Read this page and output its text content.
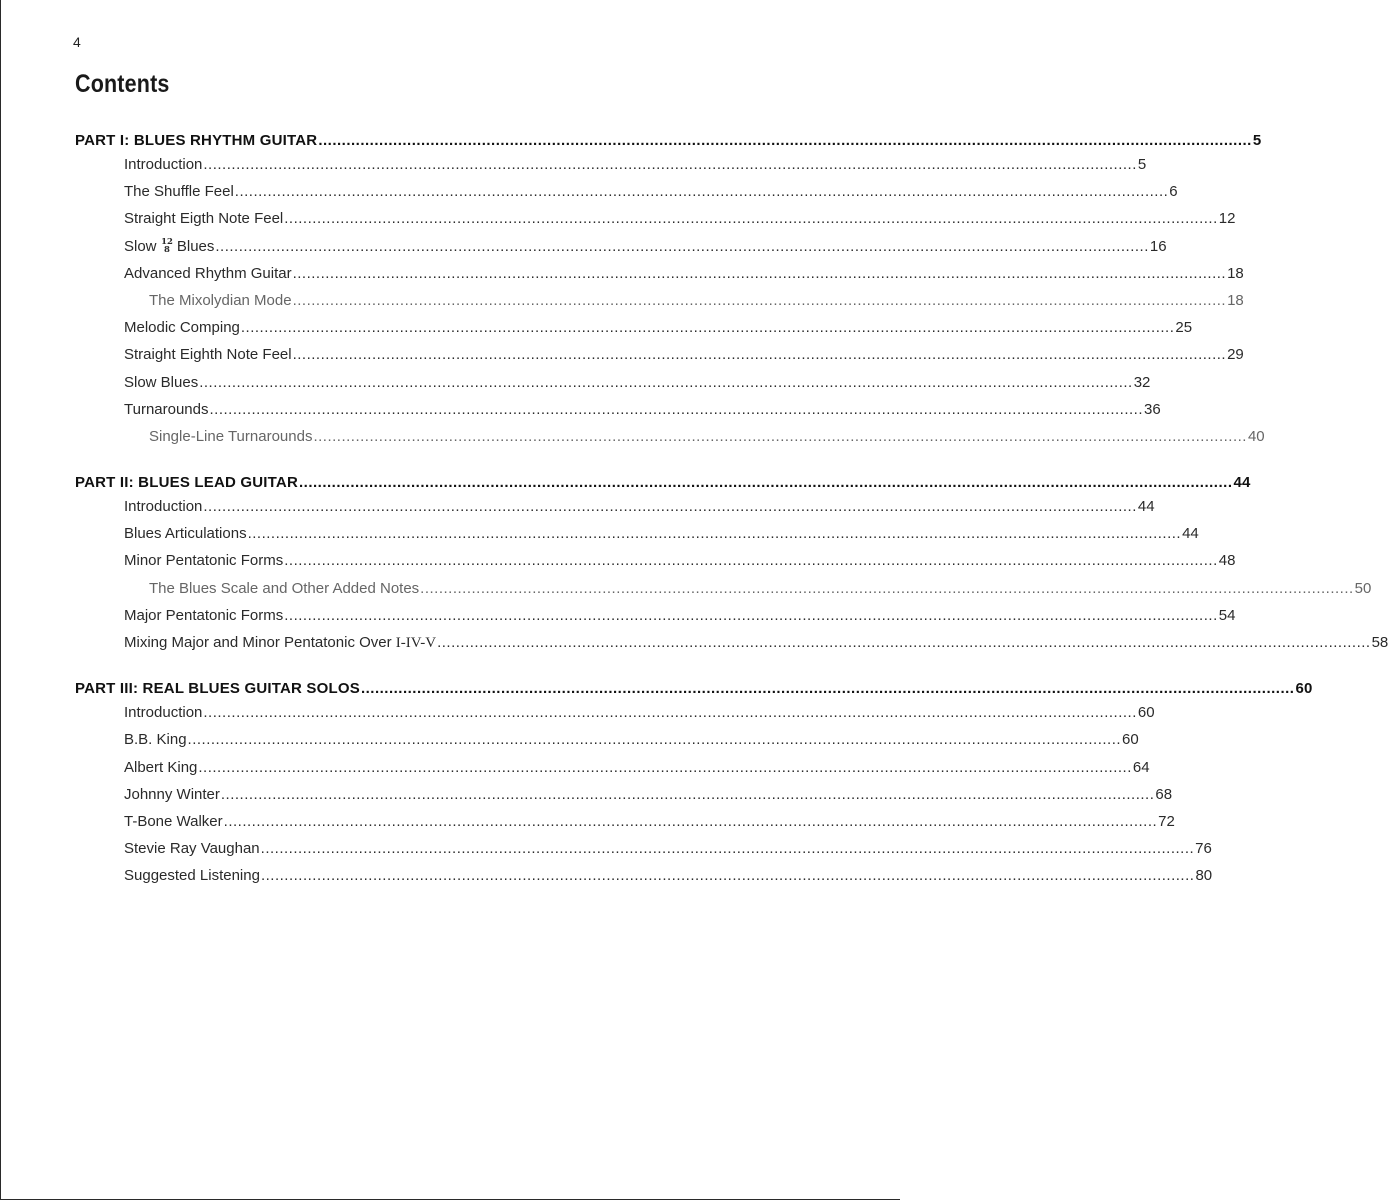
4
Contents
PART I: BLUES RHYTHM GUITAR .....	5
Introduction .....	5
The Shuffle Feel .....	6
Straight Eigth Note Feel .....	12
Slow 12
8 Blues .....	16
Advanced Rhythm Guitar .....	18
The Mixolydian Mode .....	18
Melodic Comping .....	25
Straight Eighth Note Feel .....	29
Slow Blues .....	32
Turnarounds .....	36
Single-Line Turnarounds .....	40
PART II: BLUES LEAD GUITAR .....	44
Introduction .....	44
Blues Articulations .....	44
Minor Pentatonic Forms .....	48
The Blues Scale and Other Added Notes .....	50
Major Pentatonic Forms .....	54
Mixing Major and Minor Pentatonic Over I-IV-V .....	58
PART III: REAL BLUES GUITAR SOLOS .....	60
Introduction .....	60
B.B. King .....	60
Albert King .....	64
Johnny Winter .....	68
T-Bone Walker .....	72
Stevie Ray Vaughan .....	76
Suggested Listening .....	80
